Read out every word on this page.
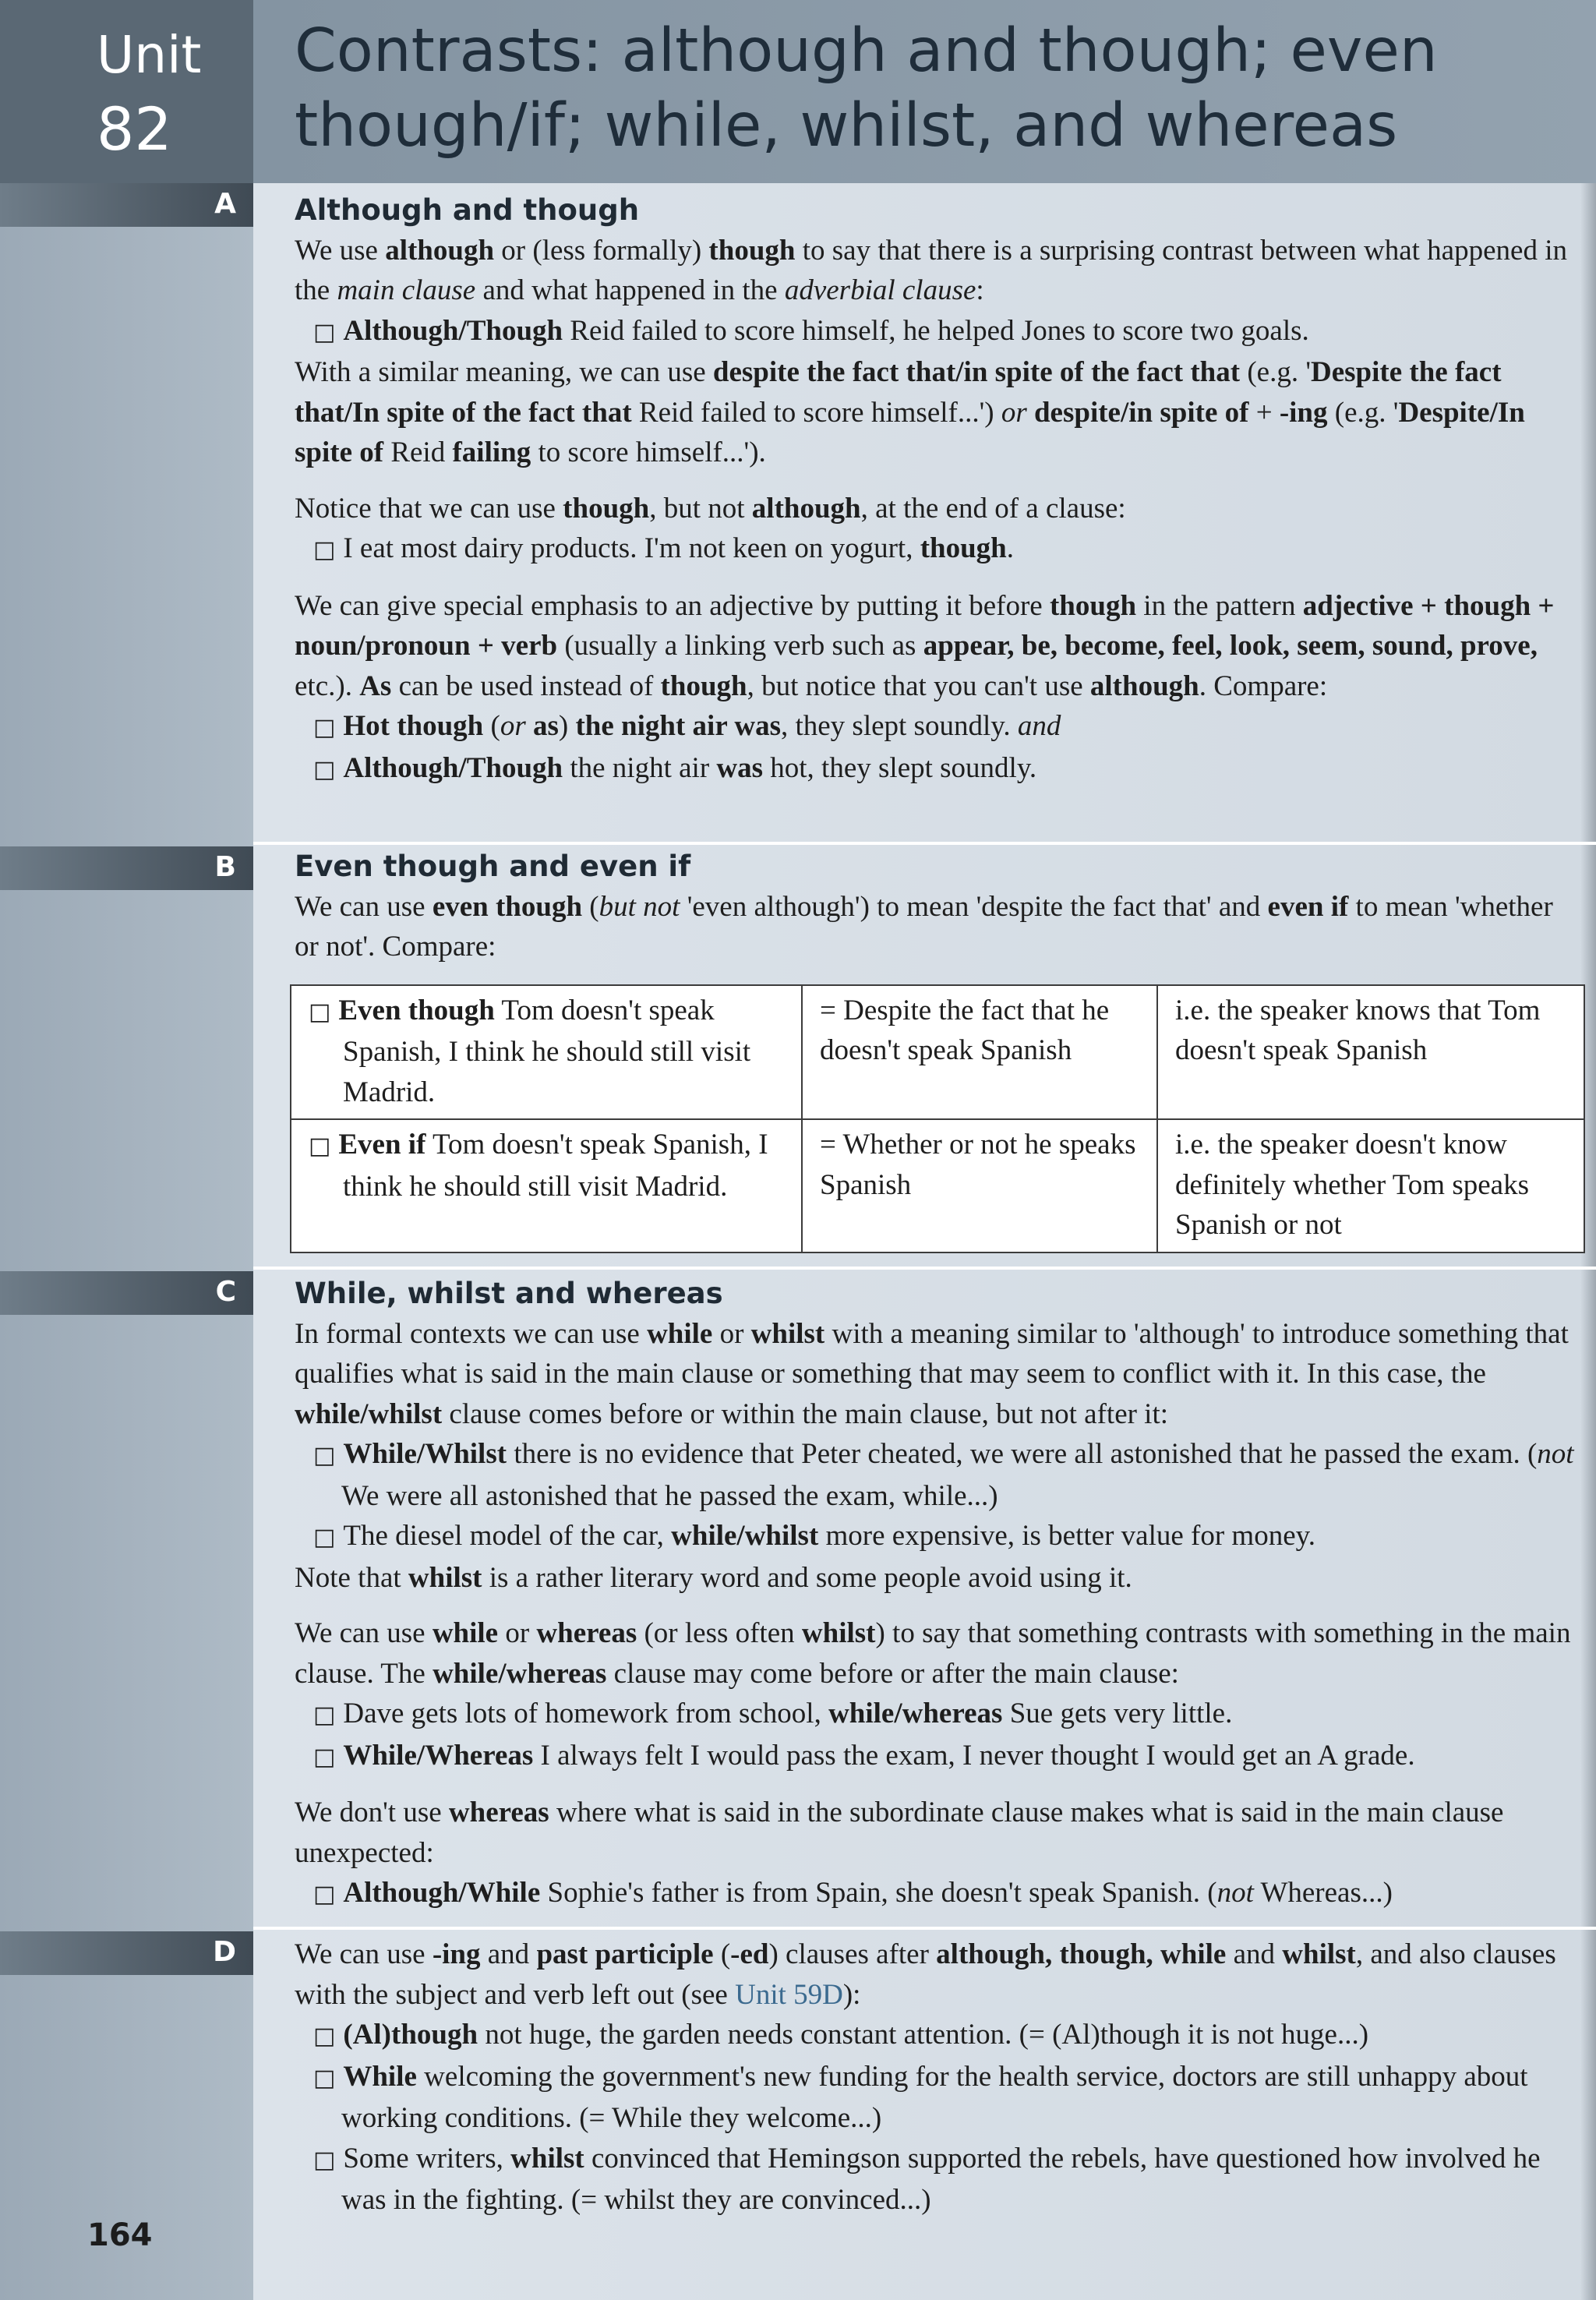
Unit
82
Contrasts: although and though; even though/if; while, whilst, and whereas
A
B
C
D
Although and though

We use although or (less formally) though to say that there is a surprising contrast between what happened in the main clause and what happened in the adverbial clause:

□ Although/Though Reid failed to score himself, he helped Jones to score two goals.

With a similar meaning, we can use despite the fact that/in spite of the fact that (e.g. 'Despite the fact that/In spite of the fact that Reid failed to score himself...') or despite/in spite of + -ing (e.g. 'Despite/In spite of Reid failing to score himself...').

Notice that we can use though, but not although, at the end of a clause:

□ I eat most dairy products. I'm not keen on yogurt, though.

We can give special emphasis to an adjective by putting it before though in the pattern adjective + though + noun/pronoun + verb (usually a linking verb such as appear, be, become, feel, look, seem, sound, prove, etc.). As can be used instead of though, but notice that you can't use although. Compare:

□ Hot though (or as) the night air was, they slept soundly. and

□ Although/Though the night air was hot, they slept soundly.

Even though and even if

We can use even though (but not 'even although') to mean 'despite the fact that' and even if to mean 'whether or not'. Compare:

□ Even though Tom doesn't speak Spanish, I think he should still visit Madrid.	= Despite the fact that he doesn't speak Spanish	i.e. the speaker knows that Tom doesn't speak Spanish

□ Even if Tom doesn't speak Spanish, I think he should still visit Madrid.	= Whether or not he speaks Spanish	i.e. the speaker doesn't know definitely whether Tom speaks Spanish or not
While, whilst and whereas

In formal contexts we can use while or whilst with a meaning similar to 'although' to introduce something that qualifies what is said in the main clause or something that may seem to conflict with it. In this case, the while/whilst clause comes before or within the main clause, but not after it:

□ While/Whilst there is no evidence that Peter cheated, we were all astonished that he passed the exam. (not We were all astonished that he passed the exam, while...)

□ The diesel model of the car, while/whilst more expensive, is better value for money.

Note that whilst is a rather literary word and some people avoid using it.

We can use while or whereas (or less often whilst) to say that something contrasts with something in the main clause. The while/whereas clause may come before or after the main clause:

□ Dave gets lots of homework from school, while/whereas Sue gets very little.

□ While/Whereas I always felt I would pass the exam, I never thought I would get an A grade.

We don't use whereas where what is said in the subordinate clause makes what is said in the main clause unexpected:

□ Although/While Sophie's father is from Spain, she doesn't speak Spanish. (not Whereas...)

We can use -ing and past participle (-ed) clauses after although, though, while and whilst, and also clauses with the subject and verb left out (see Unit 59D):

□ (Al)though not huge, the garden needs constant attention. (= (Al)though it is not huge...)

□ While welcoming the government's new funding for the health service, doctors are still unhappy about working conditions. (= While they welcome...)

□ Some writers, whilst convinced that Hemingson supported the rebels, have questioned how involved he was in the fighting. (= whilst they are convinced...)

164
